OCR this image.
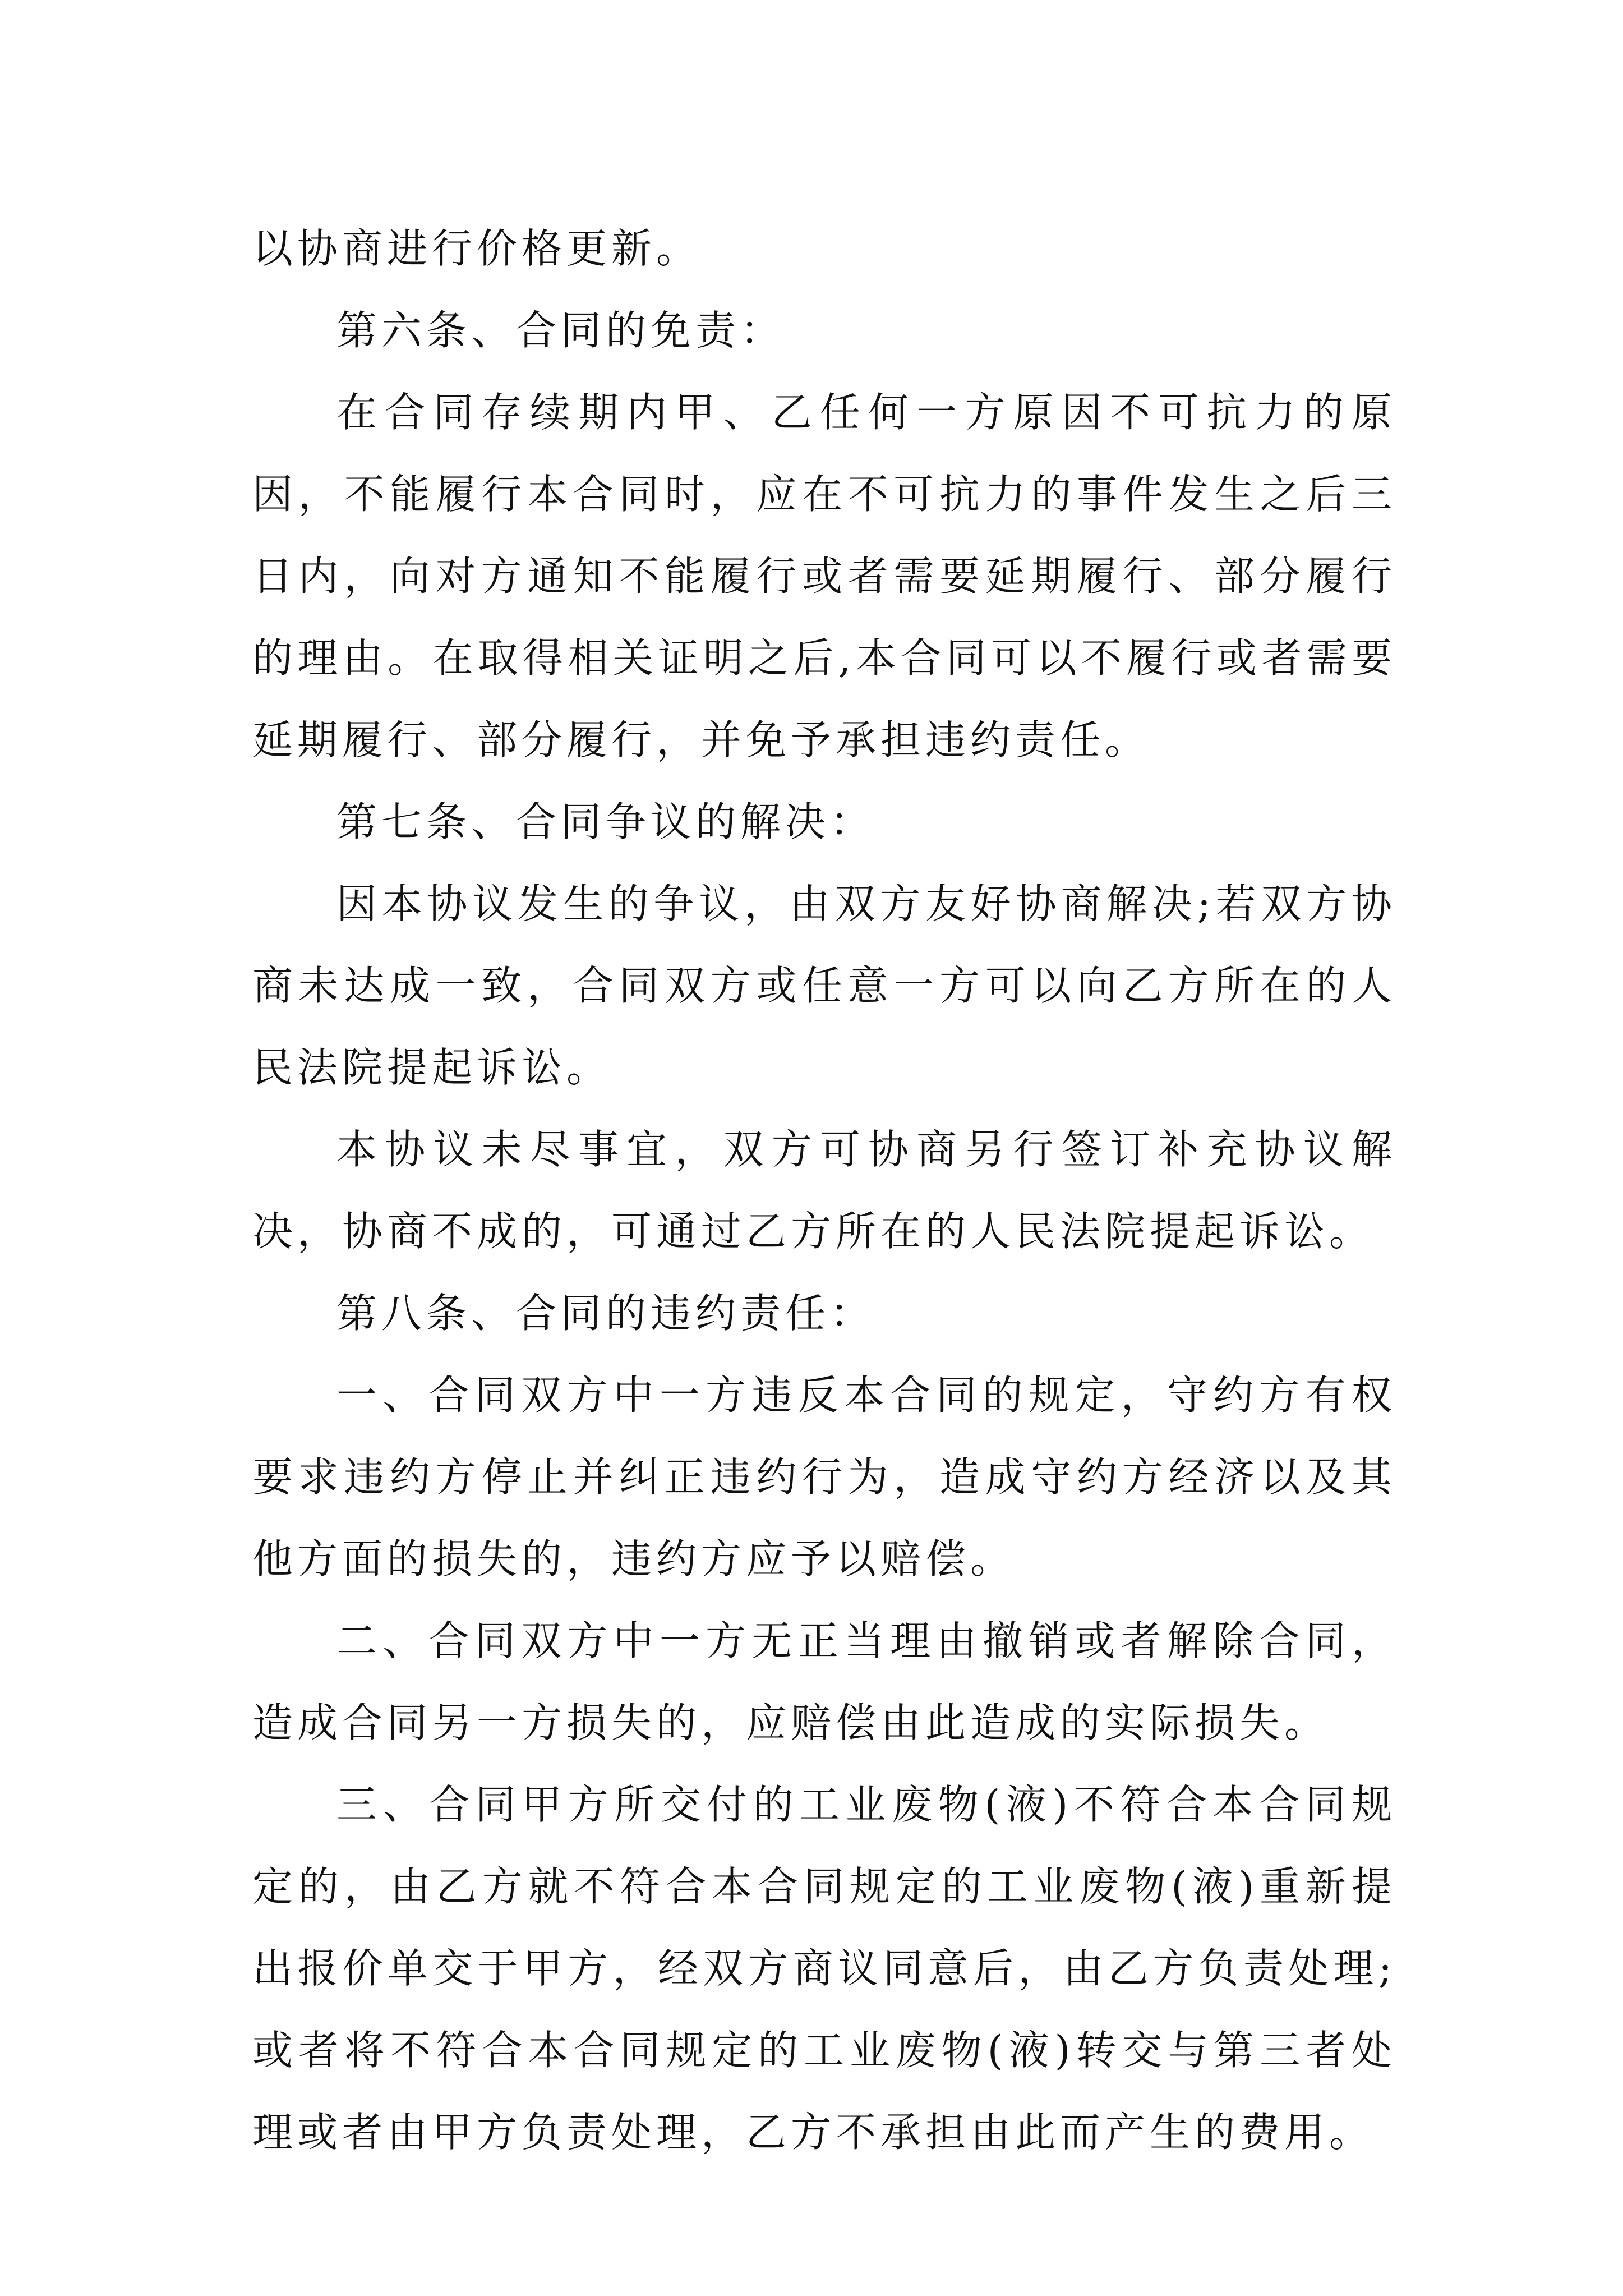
以协商进行价格更新。

第六条、合同的免责：

在合同存续期内甲、乙任何一方原因不可抗力的原因，不能履行本合同时，应在不可抗力的事件发生之后三日内，向对方通知不能履行或者需要延期履行、部分履行的理由。在取得相关证明之后,本合同可以不履行或者需要延期履行、部分履行，并免予承担违约责任。

第七条、合同争议的解决：

因本协议发生的争议，由双方友好协商解决;若双方协商未达成一致，合同双方或任意一方可以向乙方所在的人民法院提起诉讼。

本协议未尽事宜，双方可协商另行签订补充协议解决，协商不成的，可通过乙方所在的人民法院提起诉讼。

第八条、合同的违约责任：

一、合同双方中一方违反本合同的规定，守约方有权要求违约方停止并纠正违约行为，造成守约方经济以及其他方面的损失的，违约方应予以赔偿。

二、合同双方中一方无正当理由撤销或者解除合同，造成合同另一方损失的，应赔偿由此造成的实际损失。

三、合同甲方所交付的工业废物(液)不符合本合同规定的，由乙方就不符合本合同规定的工业废物(液)重新提出报价单交于甲方，经双方商议同意后，由乙方负责处理;或者将不符合本合同规定的工业废物(液)转交与第三者处理或者由甲方负责处理，乙方不承担由此而产生的费用。
